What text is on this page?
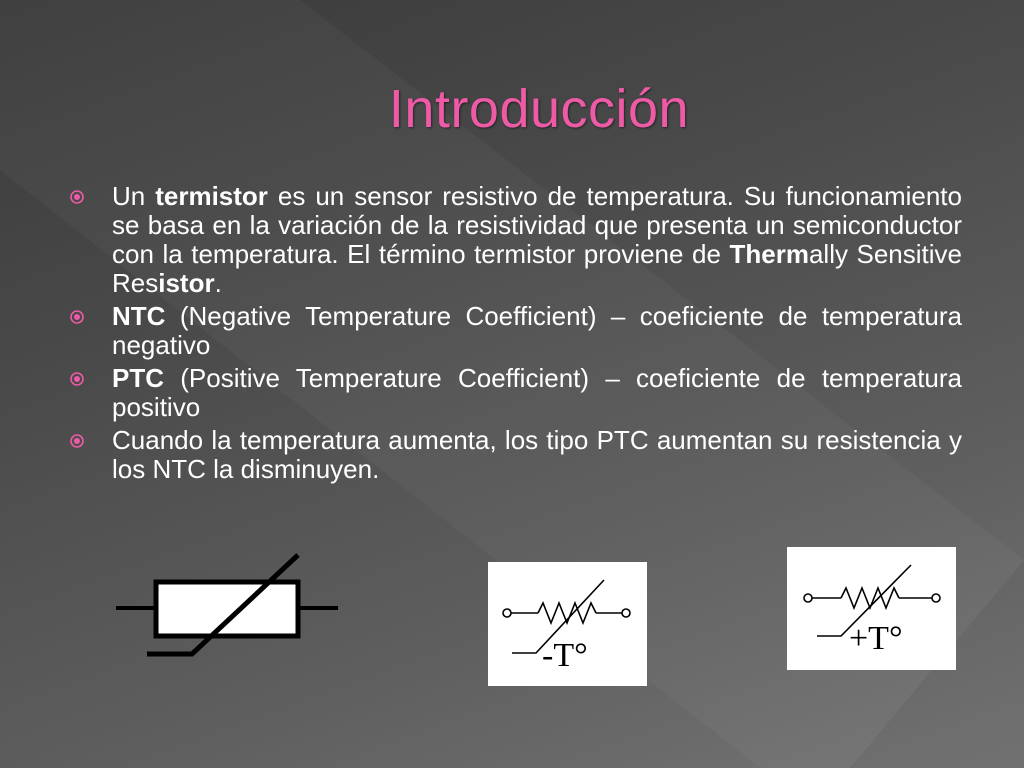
Introducción
Un termistor es un sensor resistivo de temperatura. Su funcionamiento se basa en la variación de la resistividad que presenta un semiconductor con la temperatura. El término termistor proviene de Thermally Sensitive Resistor.
NTC (Negative Temperature Coefficient) – coeficiente de temperatura negativo
PTC (Positive Temperature Coefficient) – coeficiente de temperatura positivo
Cuando la temperatura aumenta, los tipo PTC aumentan su resistencia y los NTC la disminuyen.
-T°	+T°
